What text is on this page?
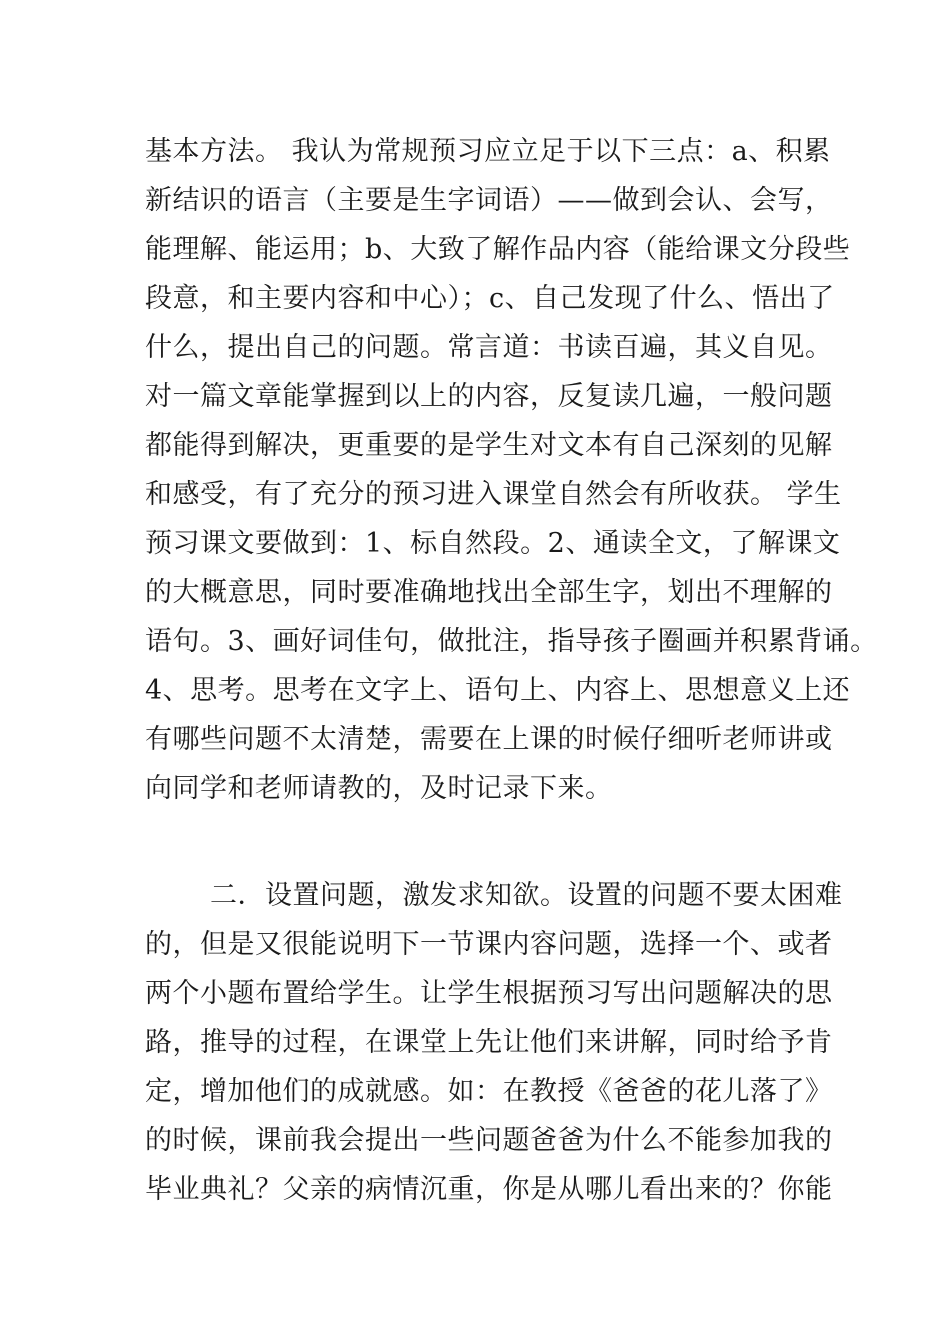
基本方法。 我认为常规预习应立足于以下三点：a、积累
新结识的语言（主要是生字词语）——做到会认、会写，
能理解、能运用；b、大致了解作品内容（能给课文分段些
段意，和主要内容和中心）；c、自己发现了什么、悟出了
什么，提出自己的问题。常言道：书读百遍，其义自见。
对一篇文章能掌握到以上的内容，反复读几遍，一般问题
都能得到解决，更重要的是学生对文本有自己深刻的见解
和感受，有了充分的预习进入课堂自然会有所收获。 学生
预习课文要做到：1、标自然段。2、通读全文，了解课文
的大概意思，同时要准确地找出全部生字，划出不理解的
语句。3、画好词佳句，做批注，指导孩子圈画并积累背诵。
4、思考。思考在文字上、语句上、内容上、思想意义上还
有哪些问题不太清楚，需要在上课的时候仔细听老师讲或
向同学和老师请教的，及时记录下来。
二．设置问题，激发求知欲。设置的问题不要太困难
的，但是又很能说明下一节课内容问题，选择一个、或者
两个小题布置给学生。让学生根据预习写出问题解决的思
路，推导的过程，在课堂上先让他们来讲解，同时给予肯
定，增加他们的成就感。如：在教授《爸爸的花儿落了》
的时候，课前我会提出一些问题爸爸为什么不能参加我的
毕业典礼？父亲的病情沉重，你是从哪儿看出来的？你能
